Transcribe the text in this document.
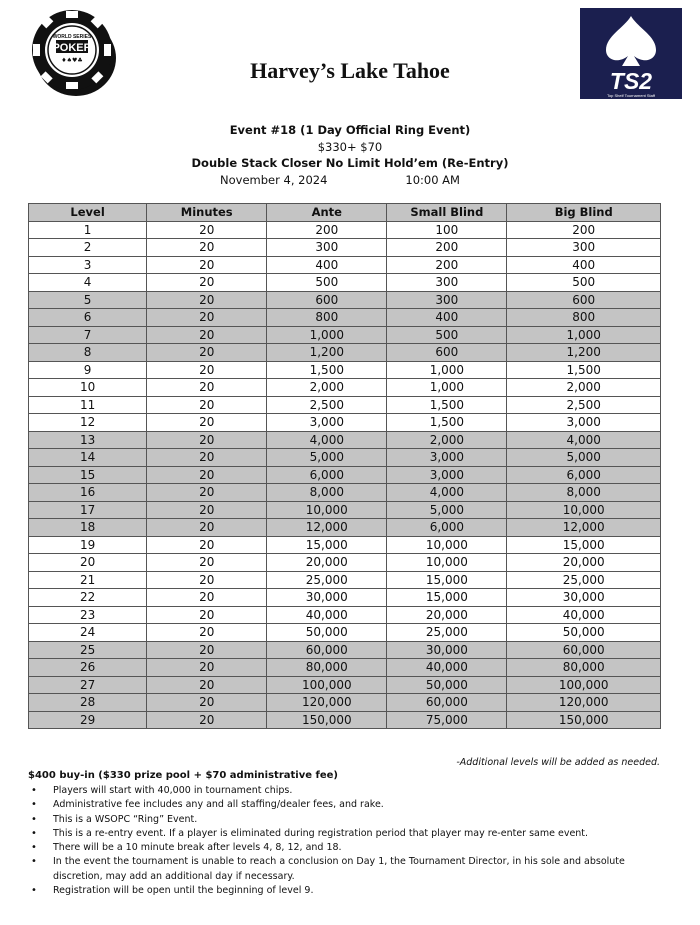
WORLD SERIES
POKER
♦♠♥♣	Harvey’s Lake Tahoe	TS2
Top Shelf Tournament Staff
Event #18 (1 Day Official Ring Event)
$330+ $70
Double Stack Closer No Limit Hold’em (Re-Entry)
November 4, 2024	10:00 AM
Level	Minutes	Ante	Small Blind	Big Blind
1	20	200	100	200
2	20	300	200	300
3	20	400	200	400
4	20	500	300	500
5	20	600	300	600
6	20	800	400	800
7	20	1,000	500	1,000
8	20	1,200	600	1,200
9	20	1,500	1,000	1,500
10	20	2,000	1,000	2,000
11	20	2,500	1,500	2,500
12	20	3,000	1,500	3,000
13	20	4,000	2,000	4,000
14	20	5,000	3,000	5,000
15	20	6,000	3,000	6,000
16	20	8,000	4,000	8,000
17	20	10,000	5,000	10,000
18	20	12,000	6,000	12,000
19	20	15,000	10,000	15,000
20	20	20,000	10,000	20,000
21	20	25,000	15,000	25,000
22	20	30,000	15,000	30,000
23	20	40,000	20,000	40,000
24	20	50,000	25,000	50,000
25	20	60,000	30,000	60,000
26	20	80,000	40,000	80,000
27	20	100,000	50,000	100,000
28	20	120,000	60,000	120,000
29	20	150,000	75,000	150,000
-Additional levels will be added as needed.
$400 buy-in ($330 prize pool + $70 administrative fee)
• Players will start with 40,000 in tournament chips.
• Administrative fee includes any and all staffing/dealer fees, and rake.
• This is a WSOPC “Ring” Event.
• This is a re-entry event. If a player is eliminated during registration period that player may re-enter same event.
• There will be a 10 minute break after levels 4, 8, 12, and 18.
• In the event the tournament is unable to reach a conclusion on Day 1, the Tournament Director, in his sole and absolute discretion, may add an additional day if necessary.
• Registration will be open until the beginning of level 9.
